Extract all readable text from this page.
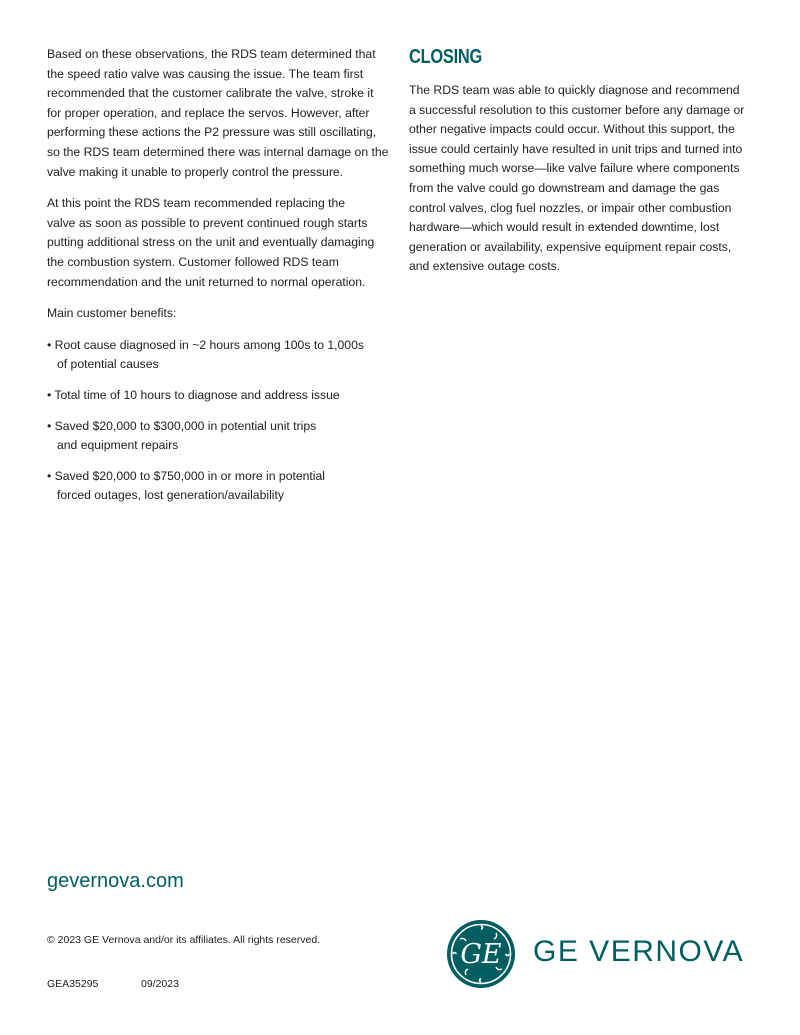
Based on these observations, the RDS team determined that
the speed ratio valve was causing the issue. The team first
recommended that the customer calibrate the valve, stroke it
for proper operation, and replace the servos. However, after
performing these actions the P2 pressure was still oscillating,
so the RDS team determined there was internal damage on the
valve making it unable to properly control the pressure.

At this point the RDS team recommended replacing the
valve as soon as possible to prevent continued rough starts
putting additional stress on the unit and eventually damaging
the combustion system. Customer followed RDS team
recommendation and the unit returned to normal operation.

Main customer benefits:

• Root cause diagnosed in ~2 hours among 100s to 1,000s
of potential causes
• Total time of 10 hours to diagnose and address issue
• Saved $20,000 to $300,000 in potential unit trips
and equipment repairs
• Saved $20,000 to $750,000 in or more in potential
forced outages, lost generation/availability
CLOSING

The RDS team was able to quickly diagnose and recommend
a successful resolution to this customer before any damage or
other negative impacts could occur. Without this support, the
issue could certainly have resulted in unit trips and turned into
something much worse—like valve failure where components
from the valve could go downstream and damage the gas
control valves, clog fuel nozzles, or impair other combustion
hardware—which would result in extended downtime, lost
generation or availability, expensive equipment repair costs,
and extensive outage costs.

gevernova.com
© 2023 GE Vernova and/or its affiliates. All rights reserved.
GEA35295	09/2023
GE GE VERNOVA
